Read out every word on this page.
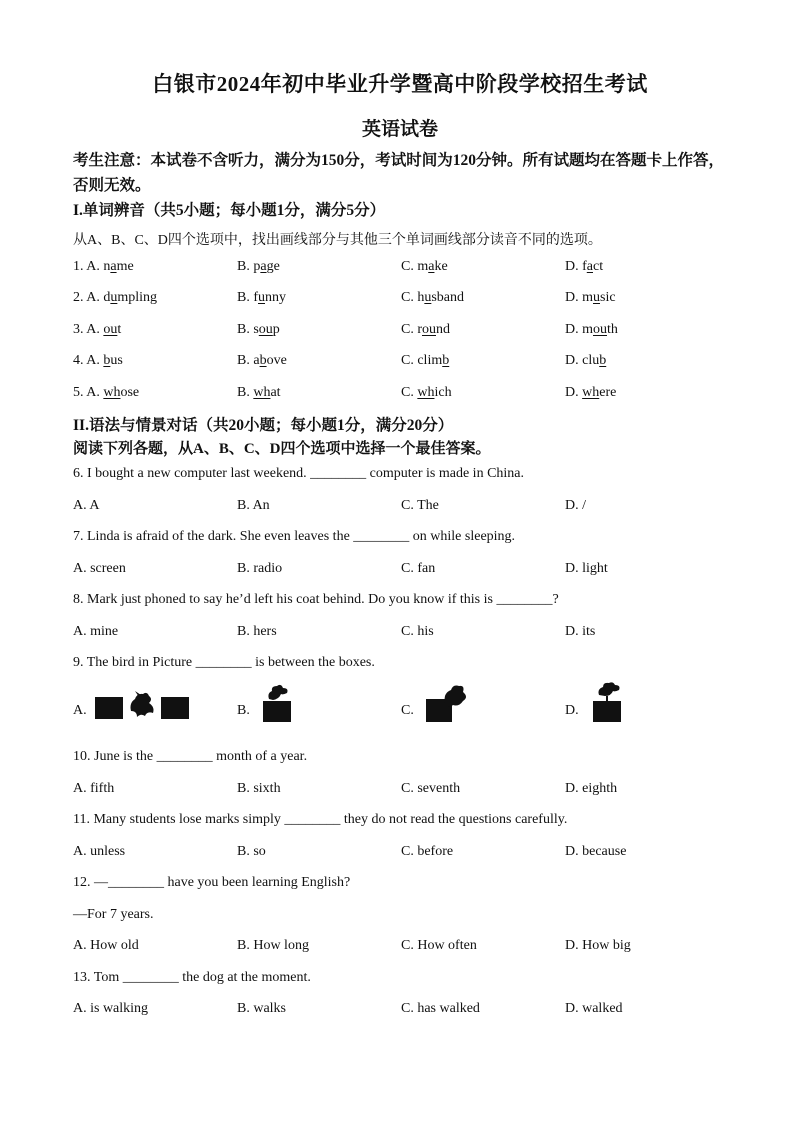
白银市2024年初中毕业升学暨高中阶段学校招生考试
英语试卷
考生注意：本试卷不含听力，满分为150分，考试时间为120分钟。所有试题均在答题卡上作答，否则无效。
I.单词辨音（共5小题；每小题1分，满分5分）
从A、B、C、D四个选项中，找出画线部分与其他三个单词画线部分读音不同的选项。
1. A. name	B. page	C. make	D. fact
2. A. dumpling	B. funny	C. husband	D. music
3. A. out	B. soup	C. round	D. mouth
4. A. bus	B. above	C. climb	D. club
5. A. whose	B. what	C. which	D. where
II.语法与情景对话（共20小题；每小题1分，满分20分）
阅读下列各题，从A、B、C、D四个选项中选择一个最佳答案。
6. I bought a new computer last weekend. ________ computer is made in China.
A. A	B. An	C. The	D. /
7. Linda is afraid of the dark. She even leaves the ________ on while sleeping.
A. screen	B. radio	C. fan	D. light
8. Mark just phoned to say he’d left his coat behind. Do you know if this is ________?
A. mine	B. hers	C. his	D. its
9. The bird in Picture ________ is between the boxes.
A.	B.	C.	D.
10. June is the ________ month of a year.
A. fifth	B. sixth	C. seventh	D. eighth
11. Many students lose marks simply ________ they do not read the questions carefully.
A. unless	B. so	C. before	D. because
12. —________ have you been learning English?
—For 7 years.
A. How old	B. How long	C. How often	D. How big
13. Tom ________ the dog at the moment.
A. is walking	B. walks	C. has walked	D. walked
